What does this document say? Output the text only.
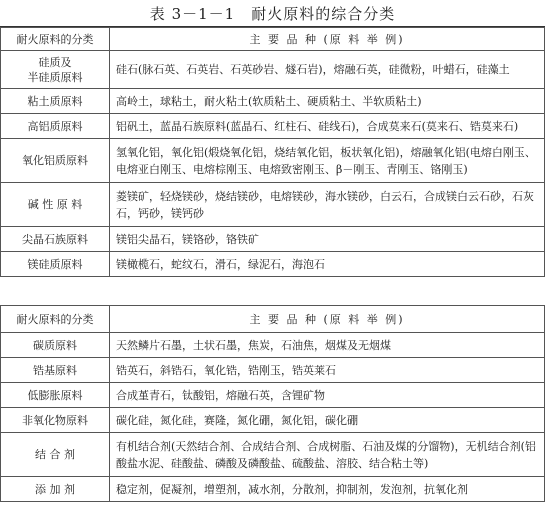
表 3－1－1　耐火原料的综合分类
耐火原料的分类	主 要 品 种 (原 料 举 例)
硅质及
半硅质原料	硅石(脉石英、石英岩、石英砂岩、燧石岩)，熔融石英，硅微粉，叶蜡石，硅藻土
粘土质原料	高岭土，球粘土，耐火粘土(软质粘土、硬质粘土、半软质粘土)
高铝质原料	铝矾土，蓝晶石族原料(蓝晶石、红柱石、硅线石)，合成莫来石(莫来石、锆莫来石)
氧化铝质原料	氢氧化铝，氧化铝(煅烧氧化铝，烧结氧化铝，板状氧化铝)，熔融氧化铝(电熔白刚玉、电熔亚白刚玉、电熔棕刚玉、电熔致密刚玉、β－刚玉、青刚玉、铬刚玉)
碱 性 原 料	菱镁矿，轻烧镁砂，烧结镁砂，电熔镁砂，海水镁砂，白云石，合成镁白云石砂，石灰石，钙砂，镁钙砂
尖晶石族原料	镁铝尖晶石，镁铬砂，铬铁矿
镁硅质原料	镁橄榄石，蛇纹石，滑石，绿泥石，海泡石
耐火原料的分类	主 要 品 种 (原 料 举 例)
碳质原料	天然鳞片石墨，土状石墨，焦炭，石油焦，烟煤及无烟煤
锆基原料	锆英石，斜锆石，氧化锆，锆刚玉，锆英莱石
低膨胀原料	合成堇青石，钛酸铝，熔融石英，含锂矿物
非氧化物原料	碳化硅，氮化硅，赛隆，氮化硼，氮化铝，碳化硼
结 合 剂	有机结合剂(天然结合剂、合成结合剂、合成树脂、石油及煤的分馏物)，无机结合剂(铝酸盐水泥、硅酸盐、磷酸及磷酸盐、硫酸盐、溶胶、结合粘土等)
添 加 剂	稳定剂，促凝剂，增塑剂，减水剂，分散剂，抑制剂，发泡剂，抗氧化剂
